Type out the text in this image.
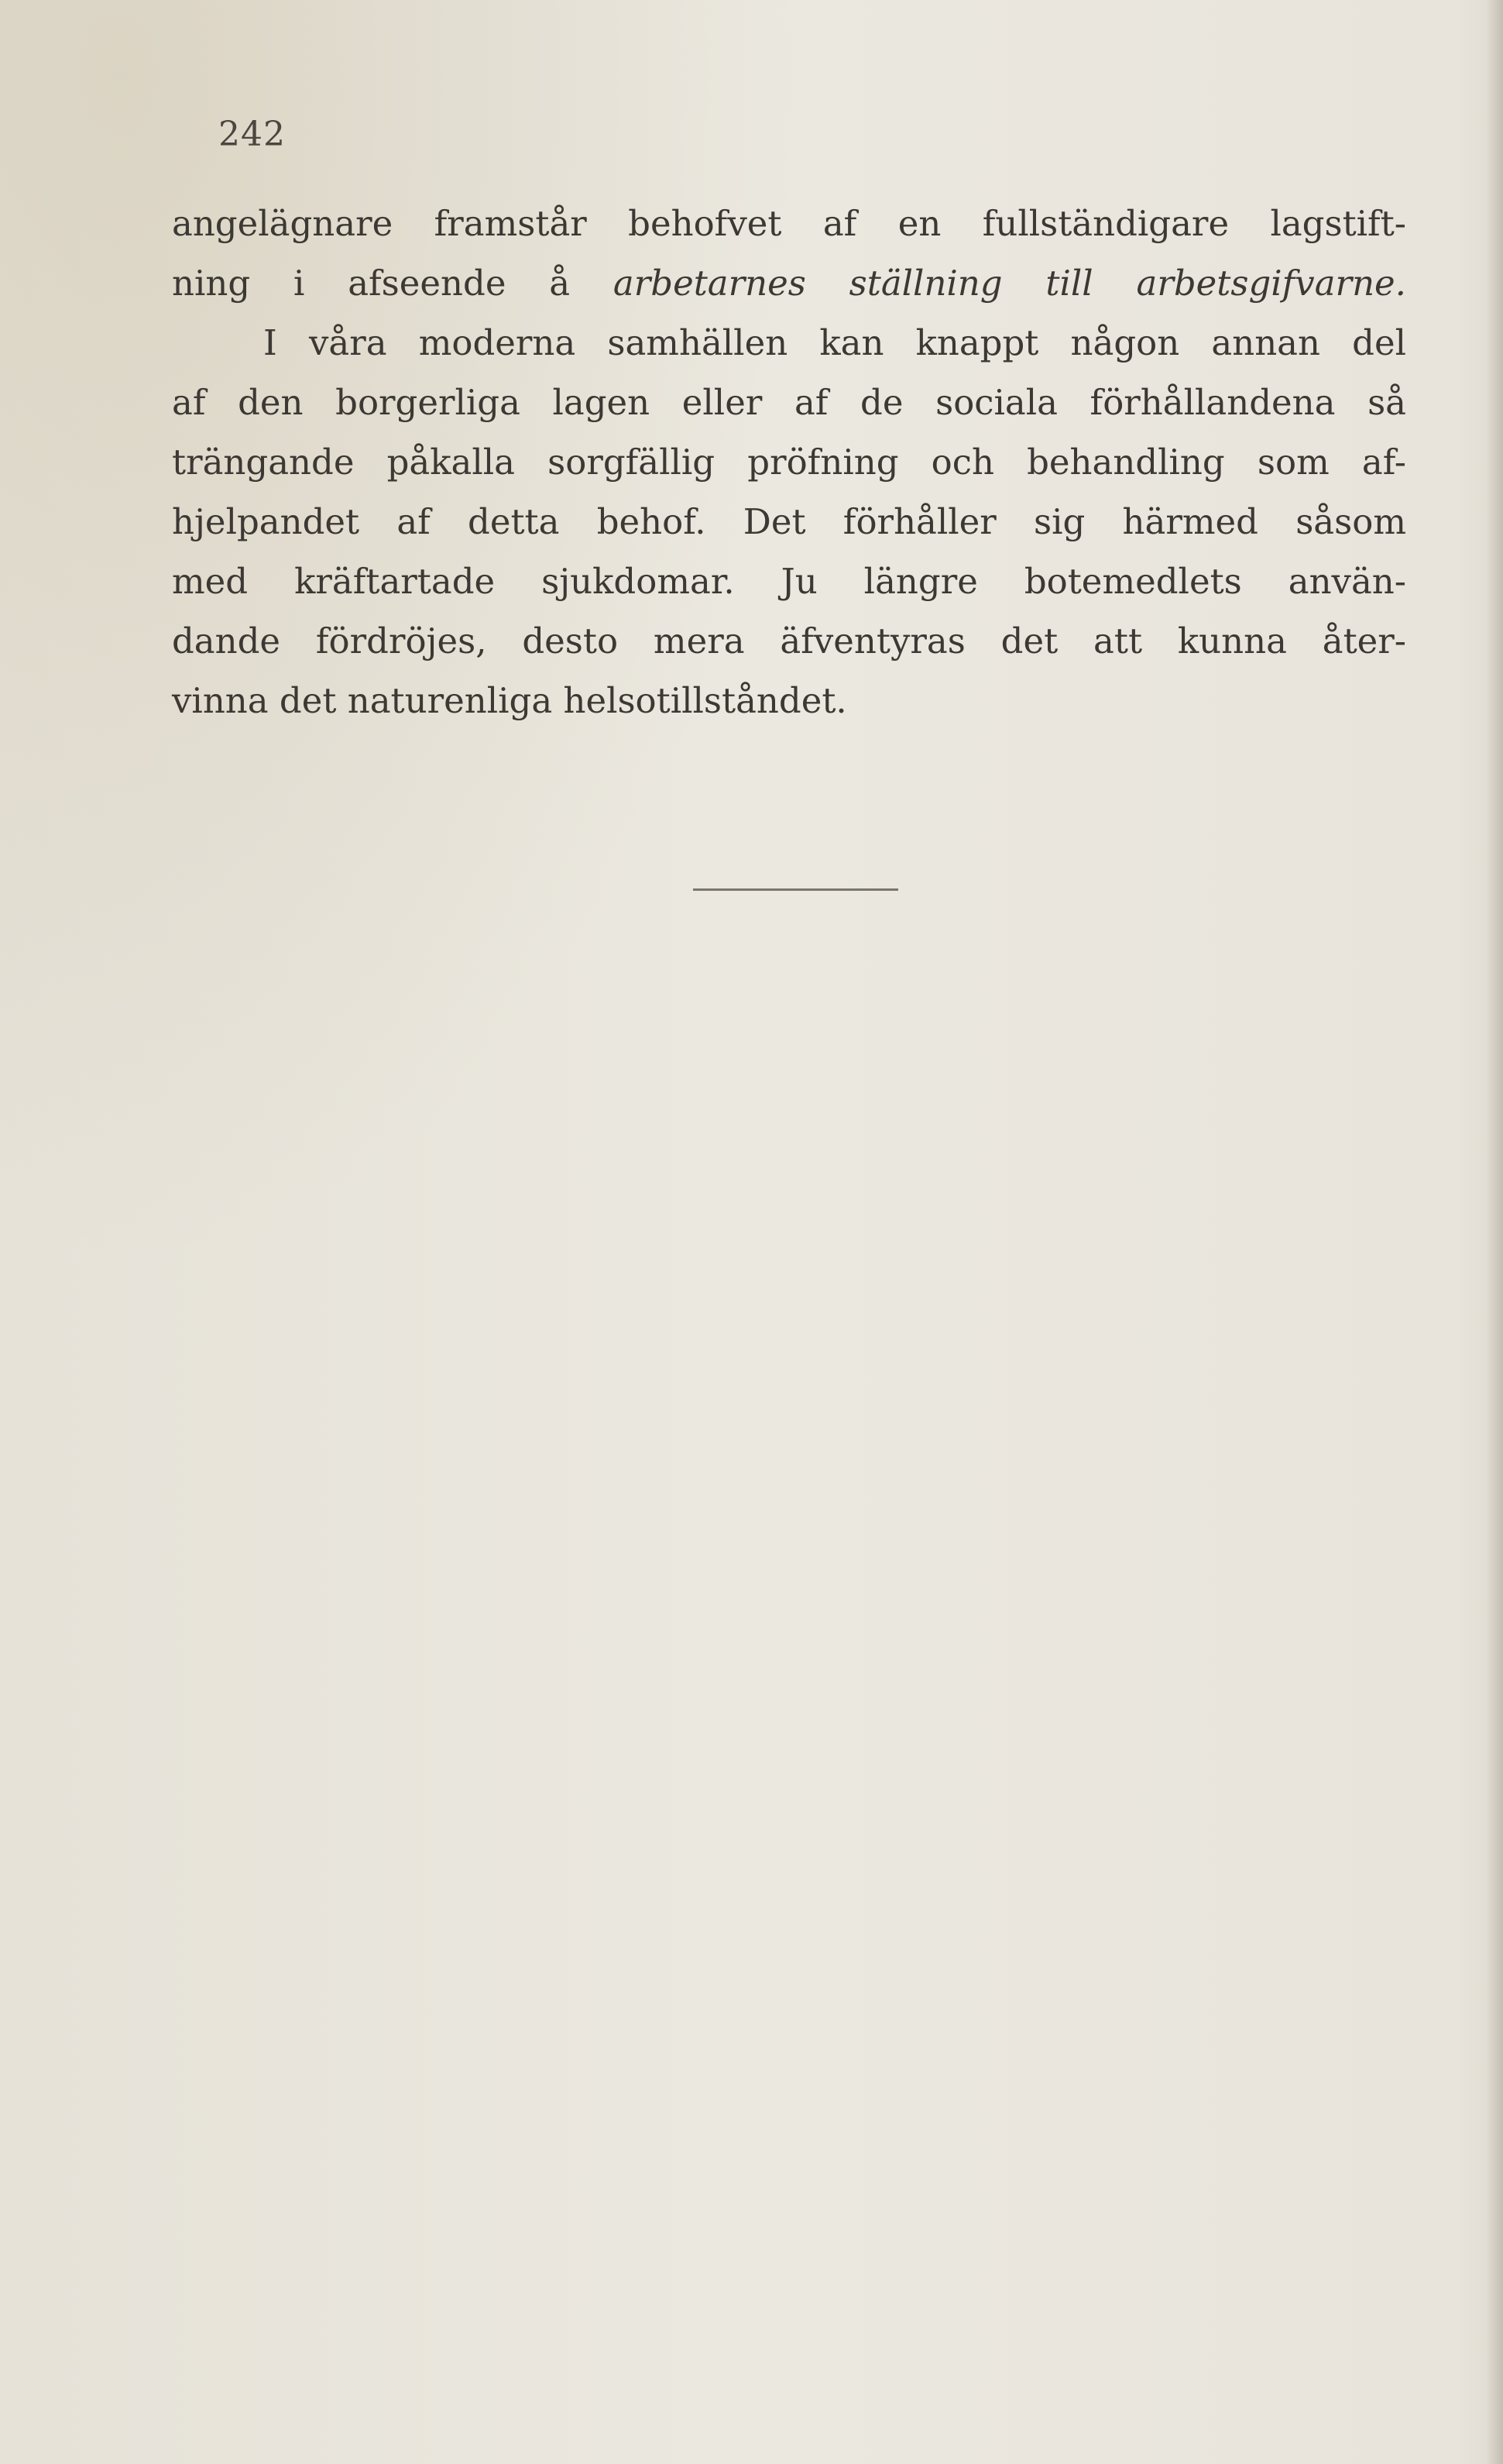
242
angelägnare framstår behofvet af en fullständigare lagstift-
ning i afseende å arbetarnes ställning till arbetsgifvarne.
I våra moderna samhällen kan knappt någon annan del
af den borgerliga lagen eller af de sociala förhållandena så
trängande påkalla sorgfällig pröfning och behandling som af-
hjelpandet af detta behof. Det förhåller sig härmed såsom
med kräftartade sjukdomar. Ju längre botemedlets använ-
dande fördröjes, desto mera äfventyras det att kunna åter-
vinna det naturenliga helsotillståndet.
